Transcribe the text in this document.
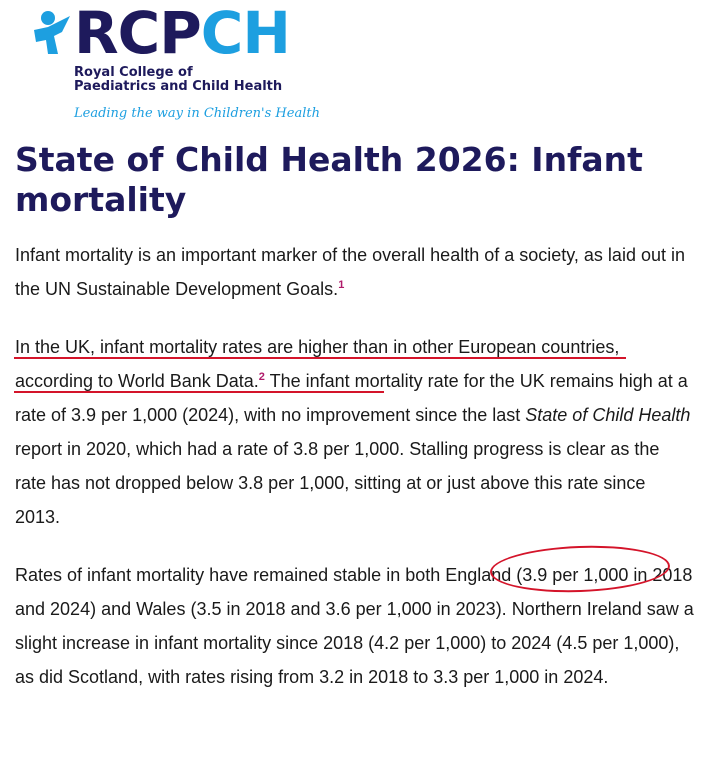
RCPCH
Royal College of
Paediatrics and Child Health
Leading the way in Children's Health
State of Child Health 2026: Infant mortality

Infant mortality is an important marker of the overall health of a society, as laid out in the UN Sustainable Development Goals.$^1$

In the UK, infant mortality rates are higher than in other European countries, according to World Bank Data.$^2$ The infant mortality rate for the UK remains high at a rate of 3.9 per 1,000 (2024), with no improvement since the last State of Child Health report in 2020, which had a rate of 3.8 per 1,000. Stalling progress is clear as the rate has not dropped below 3.8 per 1,000, sitting at or just above this rate since 2013.

Rates of infant mortality have remained stable in both England (3.9 per 1,000 in 2018 and 2024) and Wales (3.5 in 2018 and 3.6 per 1,000 in 2023). Northern Ireland saw a slight increase in infant mortality since 2018 (4.2 per 1,000) to 2024 (4.5 per 1,000), as did Scotland, with rates rising from 3.2 in 2018 to 3.3 per 1,000 in 2024.
